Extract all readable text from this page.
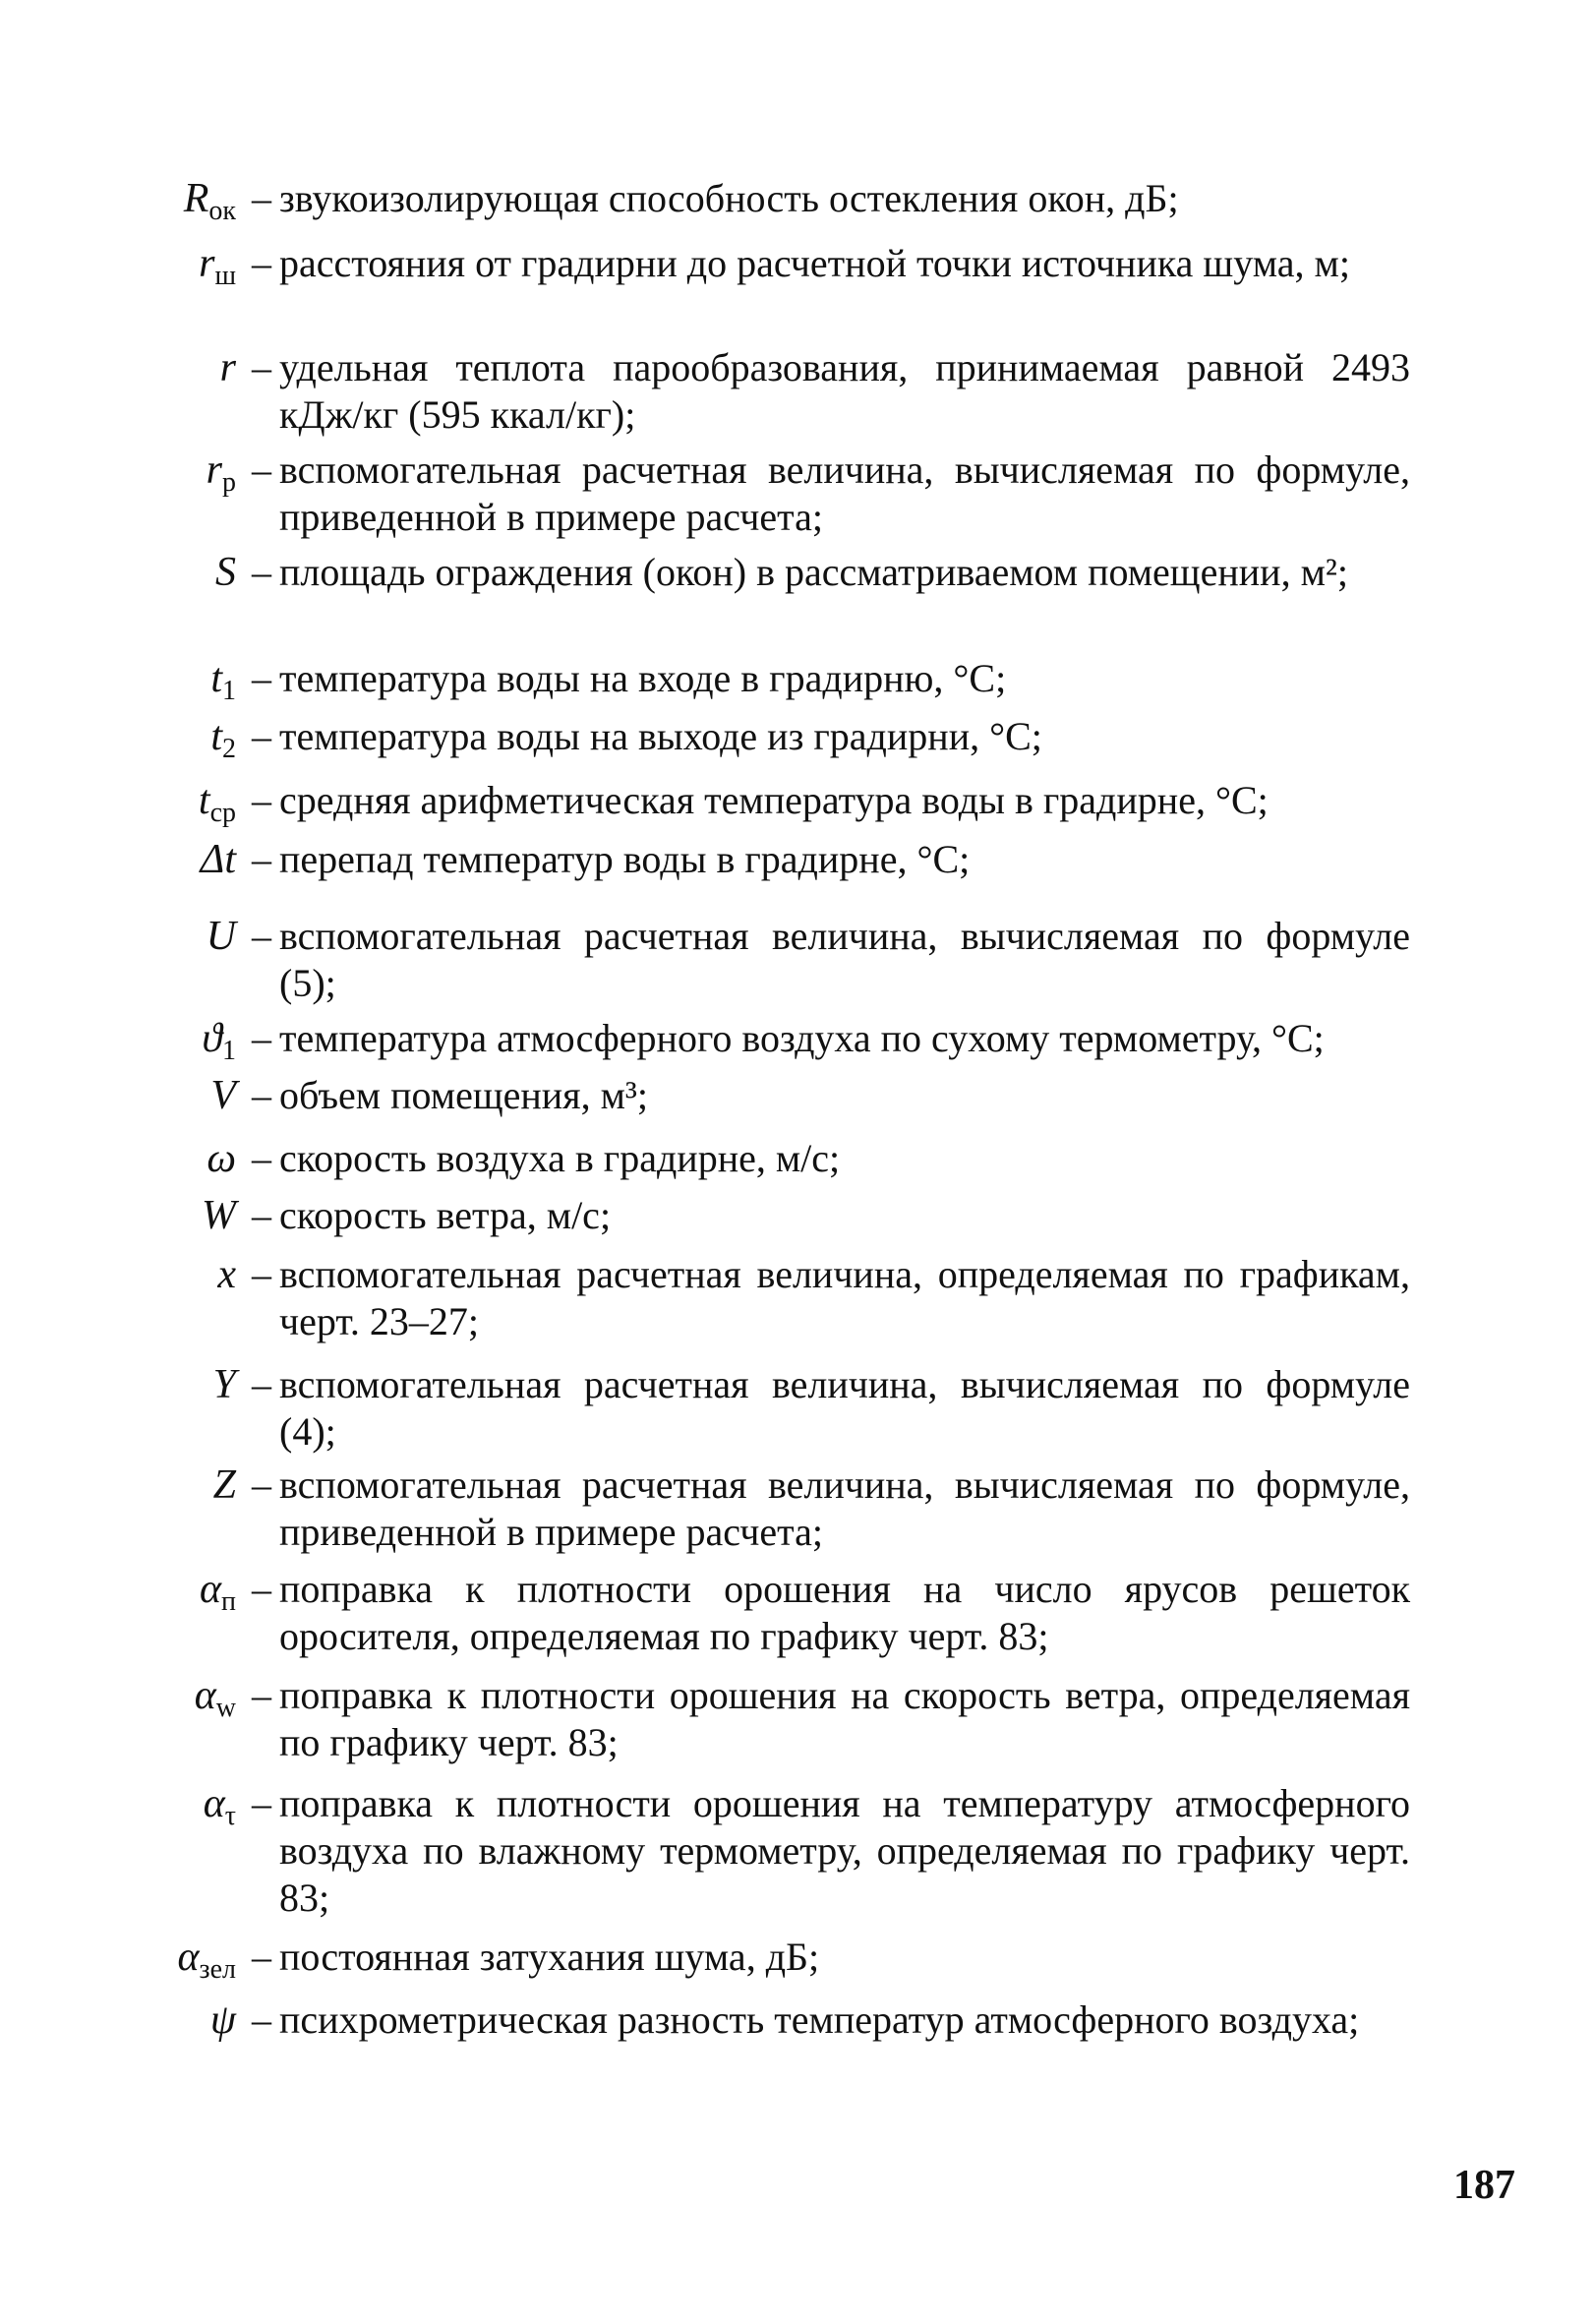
$R_{ок}$ – звукоизолирующая способность остекления окон, дБ;
$r_ш$ – расстояния от градирни до расчетной точки источника шума, м;
r – удельная теплота парообразования, принимаемая равной 2493 кДж/кг (595 ккал/кг);
$r_р$ – вспомогательная расчетная величина, вычисляемая по формуле, приведенной в примере расчета;
S – площадь ограждения (окон) в рассматриваемом помещении, м²;
$t_1$ – температура воды на входе в градирню, °С;
$t_2$ – температура воды на выходе из градирни, °С;
$t_{ср}$ – средняя арифметическая температура воды в градирне, °С;
Δt – перепад температур воды в градирне, °С;
U – вспомогательная расчетная величина, вычисляемая по формуле (5);
$ϑ_1$ – температура атмосферного воздуха по сухому термометру, °С;
V – объем помещения, м³;
ω – скорость воздуха в градирне, м/с;
W – скорость ветра, м/с;
x – вспомогательная расчетная величина, определяемая по графикам, черт. 23–27;
Y – вспомогательная расчетная величина, вычисляемая по формуле (4);
Z – вспомогательная расчетная величина, вычисляемая по формуле, приведенной в примере расчета;
$\alpha_п$ – поправка к плотности орошения на число ярусов решеток оросителя, определяемая по графику черт. 83;
$\alpha_w$ – поправка к плотности орошения на скорость ветра, определяемая по графику черт. 83;
$\alpha_\tau$ – поправка к плотности орошения на температуру атмосферного воздуха по влажному термометру, определяемая по графику черт. 83;
$\alpha_{зел}$ – постоянная затухания шума, дБ;
ψ – психрометрическая разность температур атмосферного воздуха;
187
